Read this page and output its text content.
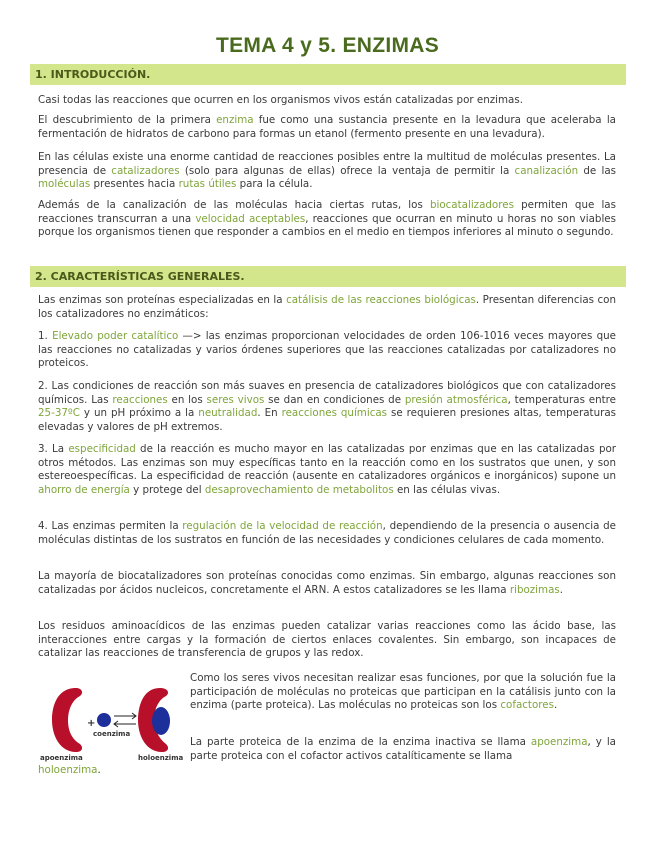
TEMA 4 y 5. ENZIMAS
1. INTRODUCCIÓN.

Casi todas las reacciones que ocurren en los organismos vivos están catalizadas por enzimas.

El descubrimiento de la primera enzima fue como una sustancia presente en la levadura que aceleraba la fermentación de hidratos de carbono para formas un etanol (fermento presente en una levadura).

En las células existe una enorme cantidad de reacciones posibles entre la multitud de moléculas presentes. La presencia de catalizadores (solo para algunas de ellas) ofrece la ventaja de permitir la canalización de las moléculas presentes hacia rutas útiles para la célula.

Además de la canalización de las moléculas hacia ciertas rutas, los biocatalizadores permiten que las reacciones transcurran a una velocidad aceptables, reacciones que ocurran en minuto u horas no son viables porque los organismos tienen que responder a cambios en el medio en tiempos inferiores al minuto o segundo.

2. CARACTERÍSTICAS GENERALES.

Las enzimas son proteínas especializadas en la catálisis de las reacciones biológicas. Presentan diferencias con los catalizadores no enzimáticos:

1. Elevado poder catalítico —> las enzimas proporcionan velocidades de orden 106-1016 veces mayores que las reacciones no catalizadas y varios órdenes superiores que las reacciones catalizadas por catalizadores no proteicos.

2. Las condiciones de reacción son más suaves en presencia de catalizadores biológicos que con catalizadores químicos. Las reacciones en los seres vivos se dan en condiciones de presión atmosférica, temperaturas entre 25-37ºC y un pH próximo a la neutralidad. En reacciones químicas se requieren presiones altas, temperaturas elevadas y valores de pH extremos.

3. La especificidad de la reacción es mucho mayor en las catalizadas por enzimas que en las catalizadas por otros métodos. Las enzimas son muy específicas tanto en la reacción como en los sustratos que unen, y son estereoespecíficas. La especificidad de reacción (ausente en catalizadores orgánicos e inorgánicos) supone un ahorro de energía y protege del desaprovechamiento de metabolitos en las células vivas.

4. Las enzimas permiten la regulación de la velocidad de reacción, dependiendo de la presencia o ausencia de moléculas distintas de los sustratos en función de las necesidades y condiciones celulares de cada momento.

La mayoría de biocatalizadores son proteínas conocidas como enzimas. Sin embargo, algunas reacciones son catalizadas por ácidos nucleicos, concretamente el ARN. A estos catalizadores se les llama ribozimas.

Los residuos aminoacídicos de las enzimas pueden catalizar varias reacciones como las ácido base, las interacciones entre cargas y la formación de ciertos enlaces covalentes. Sin embargo, son incapaces de catalizar las reacciones de transferencia de grupos y las redox.

apoenzima
+
coenzima
holoenzima

Como los seres vivos necesitan realizar esas funciones, por que la solución fue la participación de moléculas no proteicas que participan en la catálisis junto con la enzima (parte proteica). Las moléculas no proteicas son los cofactores.

La parte proteica de la enzima de la enzima inactiva se llama apoenzima, y la parte proteica con el cofactor activos catalíticamente se llama

holoenzima.
